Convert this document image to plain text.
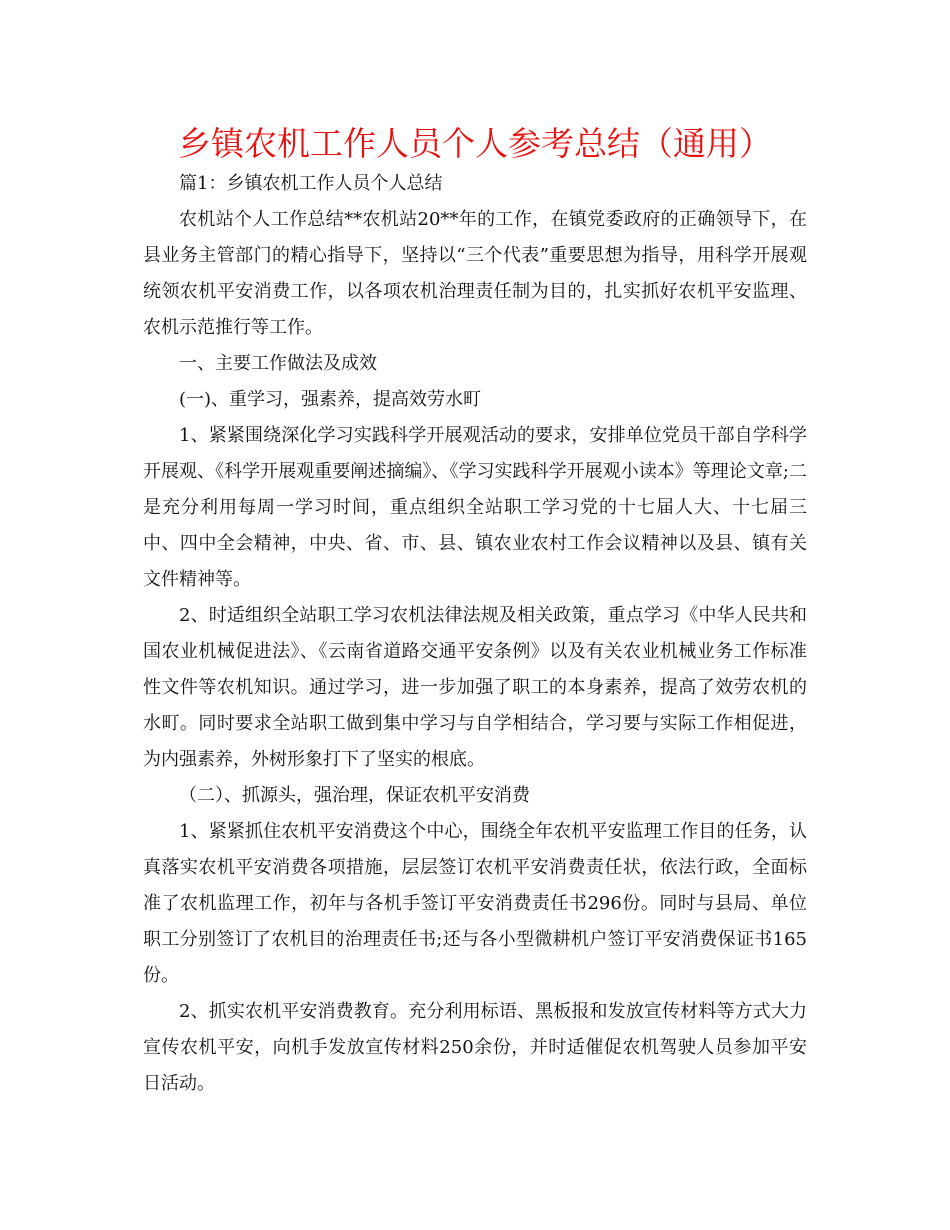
乡镇农机工作人员个人参考总结（通用）

篇1：乡镇农机工作人员个人总结

农机站个人工作总结**农机站20**年的工作，在镇党委政府的正确领导下，在县业务主管部门的精心指导下，坚持以“三个代表”重要思想为指导，用科学开展观统领农机平安消费工作，以各项农机治理责任制为目的，扎实抓好农机平安监理、农机示范推行等工作。

一、主要工作做法及成效

(一)、重学习，强素养，提高效劳水町

1、紧紧围绕深化学习实践科学开展观活动的要求，安排单位党员干部自学科学开展观、《科学开展观重要阐述摘编》、《学习实践科学开展观小读本》等理论文章;二是充分利用每周一学习时间，重点组织全站职工学习党的十七届人大、十七届三中、四中全会精神，中央、省、市、县、镇农业农村工作会议精神以及县、镇有关文件精神等。

2、时适组织全站职工学习农机法律法规及相关政策，重点学习《中华人民共和国农业机械促进法》、《云南省道路交通平安条例》以及有关农业机械业务工作标准性文件等农机知识。通过学习，进一步加强了职工的本身素养，提高了效劳农机的水町。同时要求全站职工做到集中学习与自学相结合，学习要与实际工作相促进，为内强素养，外树形象打下了坚实的根底。

（二）、抓源头，强治理，保证农机平安消费

1、紧紧抓住农机平安消费这个中心，围绕全年农机平安监理工作目的任务，认真落实农机平安消费各项措施，层层签订农机平安消费责任状，依法行政，全面标准了农机监理工作，初年与各机手签订平安消费责任书296份。同时与县局、单位职工分别签订了农机目的治理责任书;还与各小型微耕机户签订平安消费保证书165份。

2、抓实农机平安消费教育。充分利用标语、黑板报和发放宣传材料等方式大力宣传农机平安，向机手发放宣传材料250余份，并时适催促农机驾驶人员参加平安日活动。
